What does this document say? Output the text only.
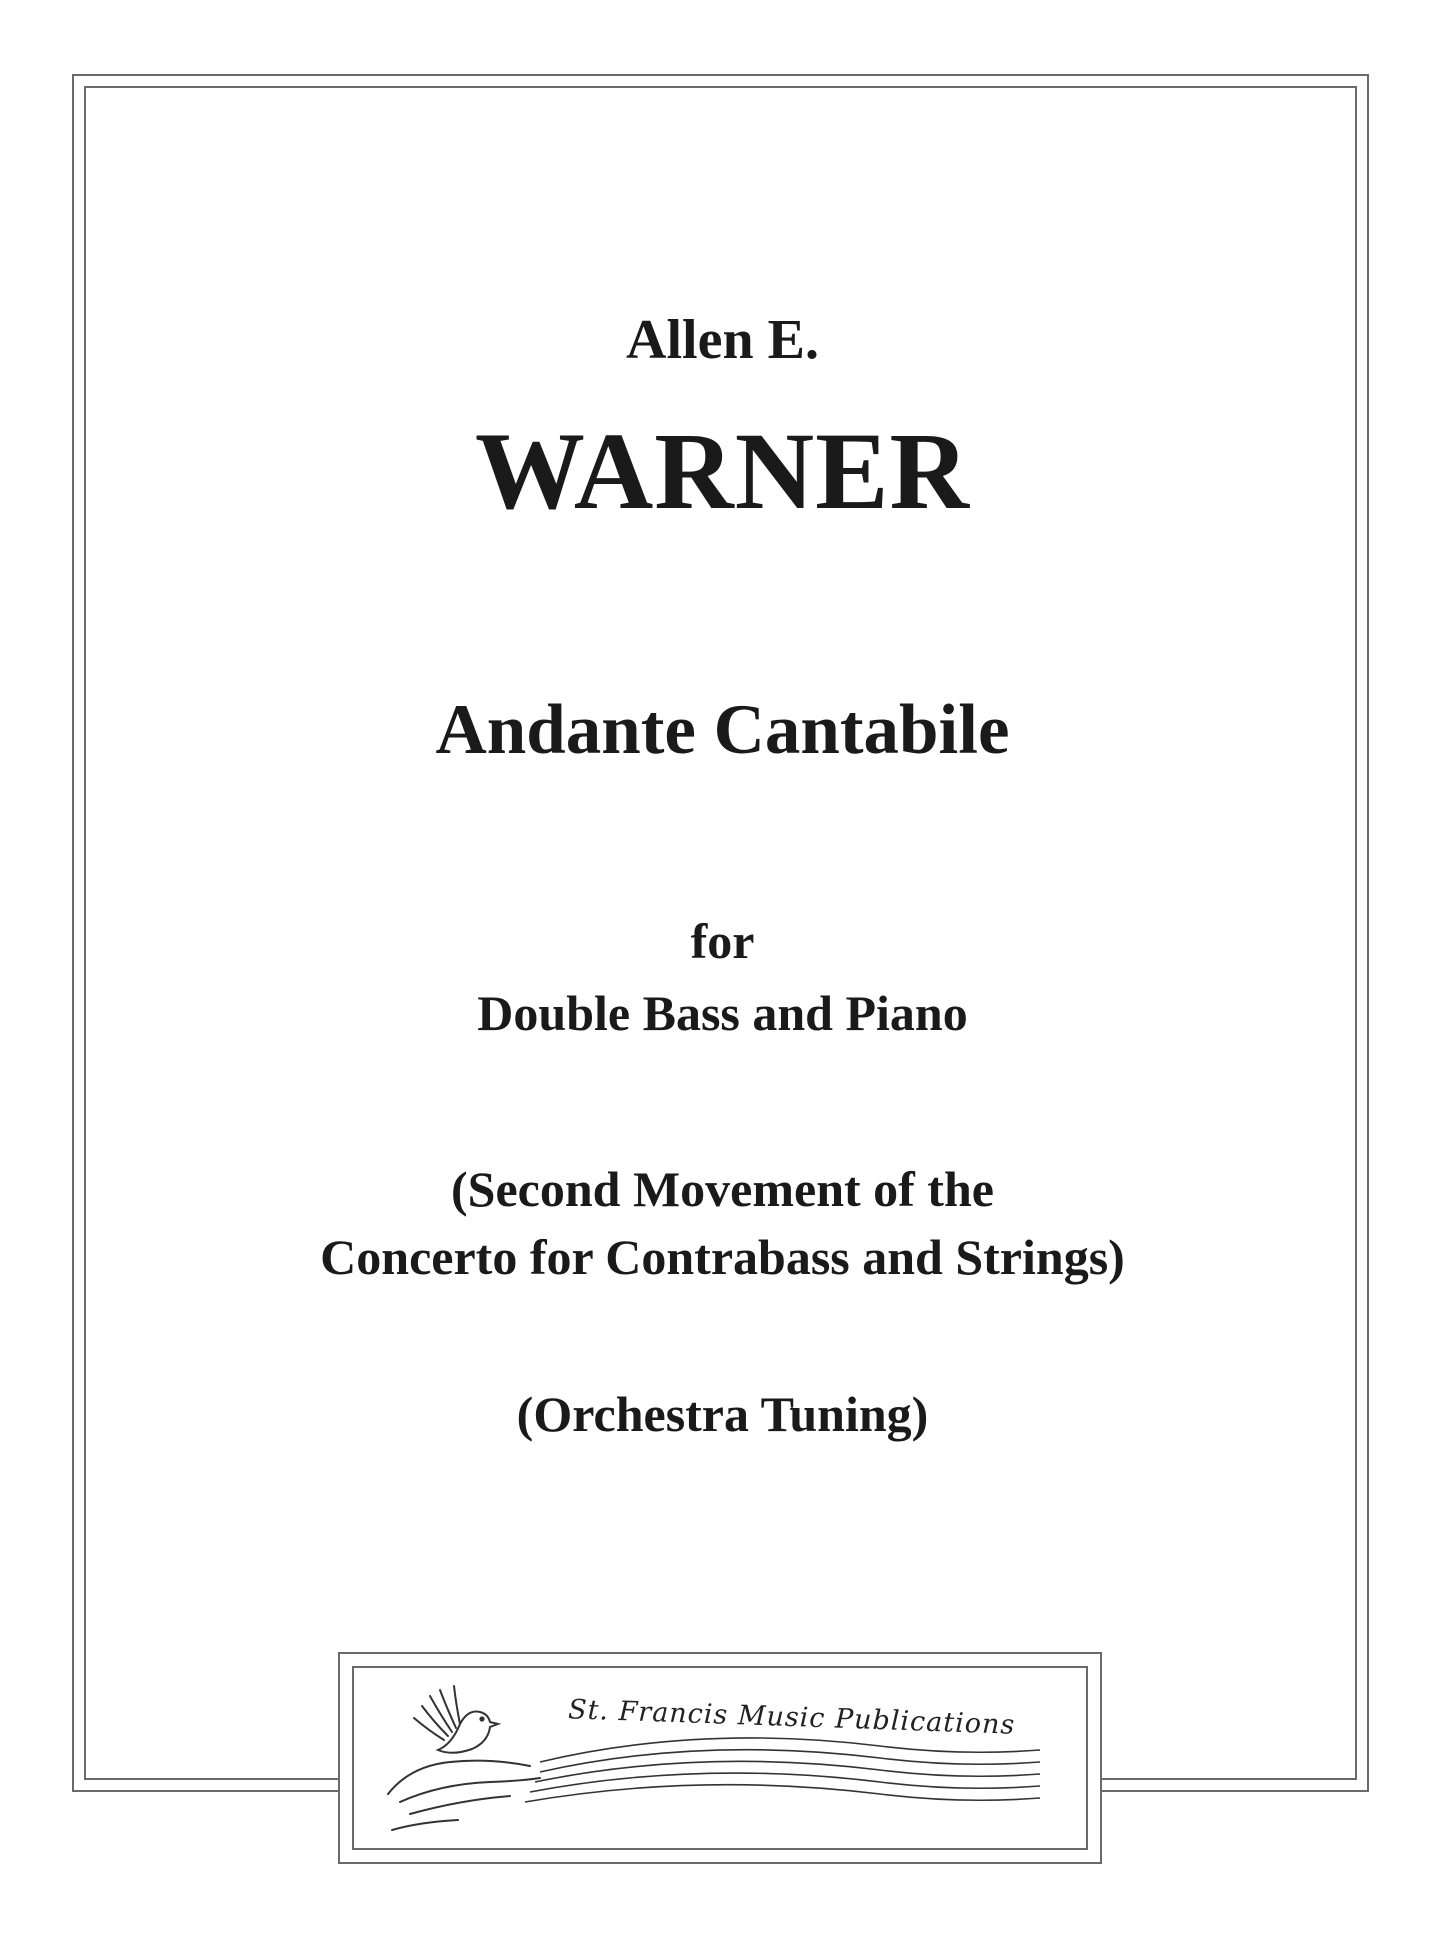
Allen E.
WARNER
Andante Cantabile
for
Double Bass and Piano
(Second Movement of the
Concerto for Contrabass and Strings)
(Orchestra Tuning)
St. Francis Music Publications
